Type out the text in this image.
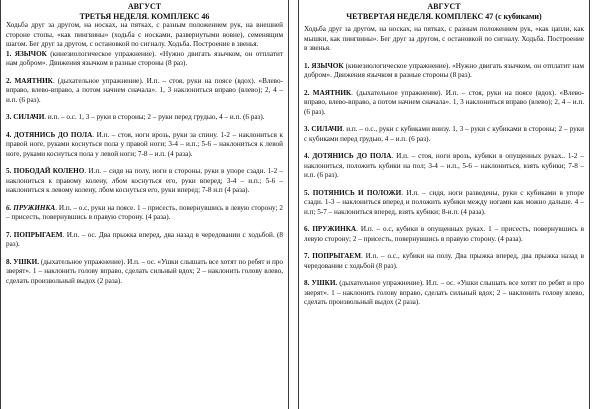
АВГУСТ
ТРЕТЬЯ НЕДЕЛЯ. КОМПЛЕКС 46

Ходьба друг за другом, на носках, на пятках, с разным положением рук, на внешней стороне стопы, «как пингвины» (ходьба с носками, развернутыми вовне), семенящим шагом. Бег друг за другом, с остановкой по сигналу. Ходьба. Построение в звенья.

1. ЯЗЫЧОК (кинезиологическое упражнение). «Нужно двигать язычком, он отплатит нам добром». Движения язычком в разные стороны (8 раз).

2. МАЯТНИК. (дыхательное упражнение). И.п. – стоя, руки на поясе (вдох). «Влево-вправо, влево-вправо, а потом начнем сначала». 1, 3 наклониться вправо (влево); 2, 4 – и.п. (6 раз).

3. СИЛАЧИ. и.п. – о.с. 1, 3 – руки в стороны; 2 – руки перед грудью, 4 – и.п. (6 раз).

4. ДОТЯНИСЬ ДО ПОЛА. И.п. – стоя, ноги врозь, руки за спину. 1-2 – наклониться к правой ноге, руками коснуться пола у правой ноги; 3-4 – и.п.; 5-6 – наклониться к левой ноге, руками коснуться пола у левой ноги; 7-8 – и.п. (4 раза).

5. ПОБОДАЙ КОЛЕНО. И.п. – сидя на полу, ноги в стороны, руки в упоре сзади. 1-2 – наклониться к правому колену, лбом коснуться его, руки вперед; 3-4 – и.п.; 5-6 – наклониться к левому колену, лбом коснуться его, руки вперед; 7-8 и.п (4 раза).

6. ПРУЖИНКА. И.п. – о.с, руки на поясе. 1 – присесть, повернувшись в левую сторону; 2 – присесть, повернувшись в правую сторону. (4 раза).

7. ПОПРЫГАЕМ. И.п. – ос. Два прыжка вперед, два назад в чередовании с ходьбой. (8 раз).

8. УШКИ. (дыхательное упражнение). И.п. – ос. «Ушки слышать все хотят по ребят и про зверят». 1 – наклонить голову вправо, сделать сильный вдох; 2 – наклонить голову влево, сделать произвольный выдох (2 раза).

АВГУСТ
ЧЕТВЕРТАЯ НЕДЕЛЯ. КОМПЛЕКС 47 (с кубиками)

Ходьба друг за другом, на носках, на пятках, с разным положением рук, «как цапли, как мышки, как пингвины». Бег друг за другом, с остановкой по сигналу. Ходьба. Построение в звенья.

1. ЯЗЫЧОК (кинезиологическое упражнение). «Нужно двигать язычком, он отплатит нам добром». Движения язычком в разные стороны (8 раз).

2. МАЯТНИК. (дыхательное упражнение). И.п. – стоя, руки на поясе (вдох). «Влево-вправо, влево-вправо, а потом начнем сначала». 1, 3 наклониться вправо (влево); 2, 4 – и.п. (6 раз).

3. СИЛАЧИ. и.п. – о.с., руки с кубиками внизу. 1, 3 – руки с кубиками в стороны; 2 – руки с кубиками перед грудью, 4 – и.п. (6 раз).

4. ДОТЯНИСЬ ДО ПОЛА. И.п. – стоя, ноги врозь, кубики в опущенных руках.. 1-2 – наклониться, положить кубики на пол; 3-4 – и.п., 5-6 – наклониться, взять кубики; 7-8 – и.п. (6 раз).

5. ПОТЯНИСЬ И ПОЛОЖИ. И.п. – сидя, ноги разведены, руки с кубиками в упоре сзади. 1-3 – наклониться вперед и положить кубики между ногами как можно дальше. 4 – и.п; 5-7 – наклониться вперед, взять кубики; 8-и.п. (4 раза).

6. ПРУЖИНКА. И.п. – о.с, кубики в опущенных руках. 1 – присесть, повернувшись в левую сторону; 2 – присесть, повернувшись в правую сторону. (4 раза).

7. ПОПРЫГАЕМ. И.п. – о.с., кубики на полу. Два прыжка вперед, два прыжка назад в чередовании с ходьбой (8 раз).

8. УШКИ. (дыхательное упражнение). И.п. – ос. «Ушки слышать все хотят по ребят и про зверят». 1 – наклонить голову вправо, сделать сильный вдох; 2 – наклонить голову влево, сделать произвольный выдох (2 раза).
